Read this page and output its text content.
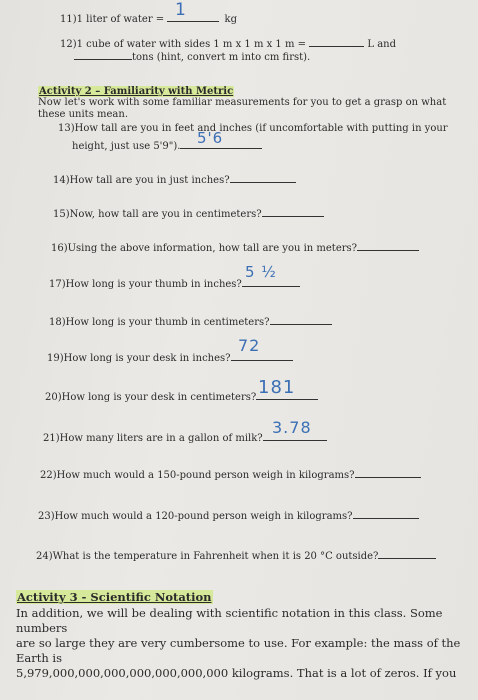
11)1 liter of water =	kg
1
12)1 cube of water with sides 1 m x 1 m x 1 m =	L and
tons (hint, convert m into cm first).
Activity 2 – Familiarity with Metric
Now let's work with some familiar measurements for you to get a grasp on what
these units mean.
13)How tall are you in feet and inches (if uncomfortable with putting in your
height, just use 5'9").	5'6
14)How tall are you in just inches?
15)Now, how tall are you in centimeters?
16)Using the above information, how tall are you in meters?
17)How long is your thumb in inches?
5 ½
18)How long is your thumb in centimeters?
19)How long is your desk in inches?
72
20)How long is your desk in centimeters? 181
21)How many liters are in a gallon of milk?
3.78
22)How much would a 150-pound person weigh in kilograms?
23)How much would a 120-pound person weigh in kilograms?
24)What is the temperature in Fahrenheit when it is 20 °C outside?
Activity 3 - Scientific Notation
In addition, we will be dealing with scientific notation in this class. Some numbers
are so large they are very cumbersome to use. For example: the mass of the Earth is
5,979,000,000,000,000,000,000,000 kilograms. That is a lot of zeros. If you
